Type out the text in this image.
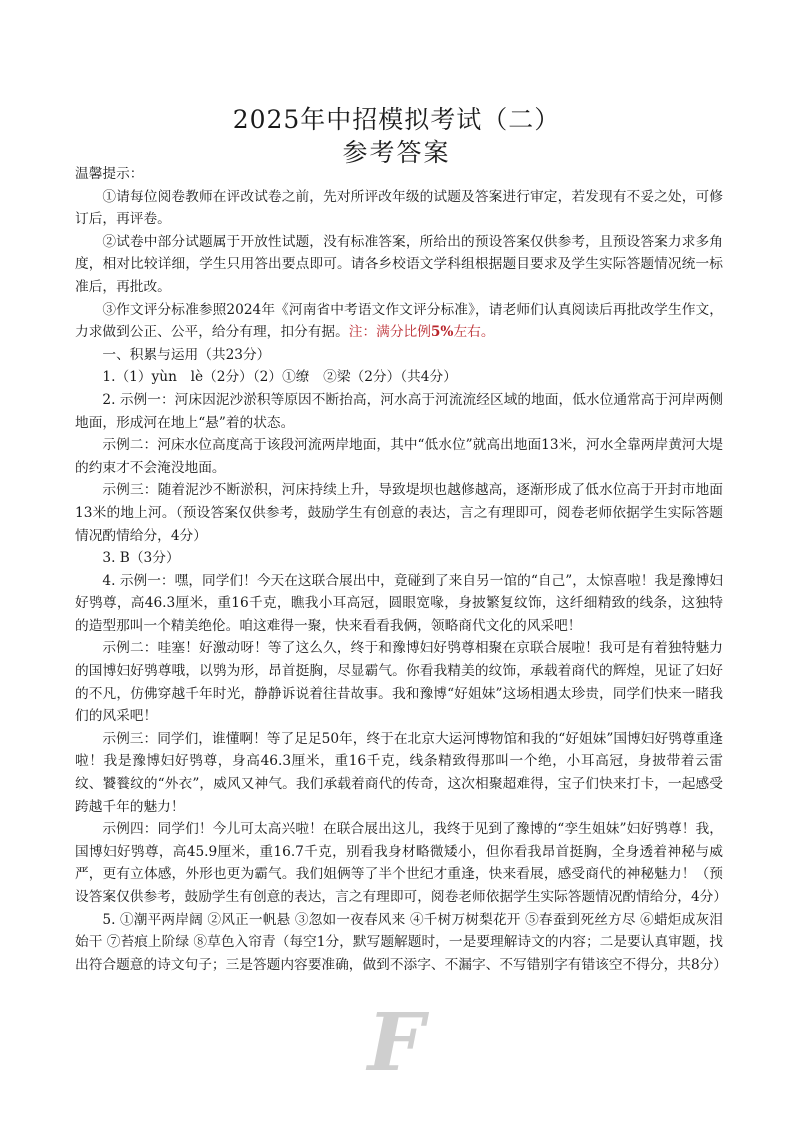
2025年中招模拟考试（二）
参考答案

温馨提示：

①请每位阅卷教师在评改试卷之前，先对所评改年级的试题及答案进行审定，若发现有不妥之处，可修订后，再评卷。

②试卷中部分试题属于开放性试题，没有标准答案，所给出的预设答案仅供参考，且预设答案力求多角度，相对比较详细，学生只用答出要点即可。请各乡校语文学科组根据题目要求及学生实际答题情况统一标准后，再批改。

③作文评分标准参照2024年《河南省中考语文作文评分标准》，请老师们认真阅读后再批改学生作文，力求做到公正、公平，给分有理，扣分有据。注：满分比例5%左右。

一、积累与运用（共23分）

1.（1）yùn　lè（2分）（2）①缭　②梁（2分）（共4分）

2. 示例一：河床因泥沙淤积等原因不断抬高，河水高于河流流经区域的地面，低水位通常高于河岸两侧地面，形成河在地上“悬”着的状态。

示例二：河床水位高度高于该段河流两岸地面，其中“低水位”就高出地面13米，河水全靠两岸黄河大堤的约束才不会淹没地面。

示例三：随着泥沙不断淤积，河床持续上升，导致堤坝也越修越高，逐渐形成了低水位高于开封市地面13米的地上河。（预设答案仅供参考，鼓励学生有创意的表达，言之有理即可，阅卷老师依据学生实际答题情况酌情给分，4分）

3. B（3分）

4. 示例一：嘿，同学们！今天在这联合展出中，竟碰到了来自另一馆的“自己”，太惊喜啦！我是豫博妇好鸮尊，高46.3厘米，重16千克，瞧我小耳高冠，圆眼宽喙，身披繁复纹饰，这纤细精致的线条，这独特的造型那叫一个精美绝伦。咱这难得一聚，快来看看我俩，领略商代文化的风采吧！

示例二：哇塞！好激动呀！等了这么久，终于和豫博妇好鸮尊相聚在京联合展啦！我可是有着独特魅力的国博妇好鸮尊哦，以鸮为形，昂首挺胸，尽显霸气。你看我精美的纹饰，承载着商代的辉煌，见证了妇好的不凡，仿佛穿越千年时光，静静诉说着往昔故事。我和豫博“好姐妹”这场相遇太珍贵，同学们快来一睹我们的风采吧！

示例三：同学们，谁懂啊！等了足足50年，终于在北京大运河博物馆和我的“好姐妹”国博妇好鸮尊重逢啦！我是豫博妇好鸮尊，身高46.3厘米，重16千克，线条精致得那叫一个绝，小耳高冠，身披带着云雷纹、饕餮纹的“外衣”，威风又神气。我们承载着商代的传奇，这次相聚超难得，宝子们快来打卡，一起感受跨越千年的魅力！

示例四：同学们！今儿可太高兴啦！在联合展出这儿，我终于见到了豫博的“孪生姐妹”妇好鸮尊！我，国博妇好鸮尊，高45.9厘米，重16.7千克，别看我身材略微矮小，但你看我昂首挺胸，全身透着神秘与威严，更有立体感，外形也更为霸气。我们姐俩等了半个世纪才重逢，快来看展，感受商代的神秘魅力！（预设答案仅供参考，鼓励学生有创意的表达，言之有理即可，阅卷老师依据学生实际答题情况酌情给分，4分）

5. ①潮平两岸阔 ②风正一帆悬 ③忽如一夜春风来 ④千树万树梨花开 ⑤春蚕到死丝方尽 ⑥蜡炬成灰泪始干 ⑦苔痕上阶绿 ⑧草色入帘青（每空1分，默写题解题时，一是要理解诗文的内容；二是要认真审题，找出符合题意的诗文句子；三是答题内容要准确，做到不添字、不漏字、不写错别字有错该空不得分，共8分）

F
